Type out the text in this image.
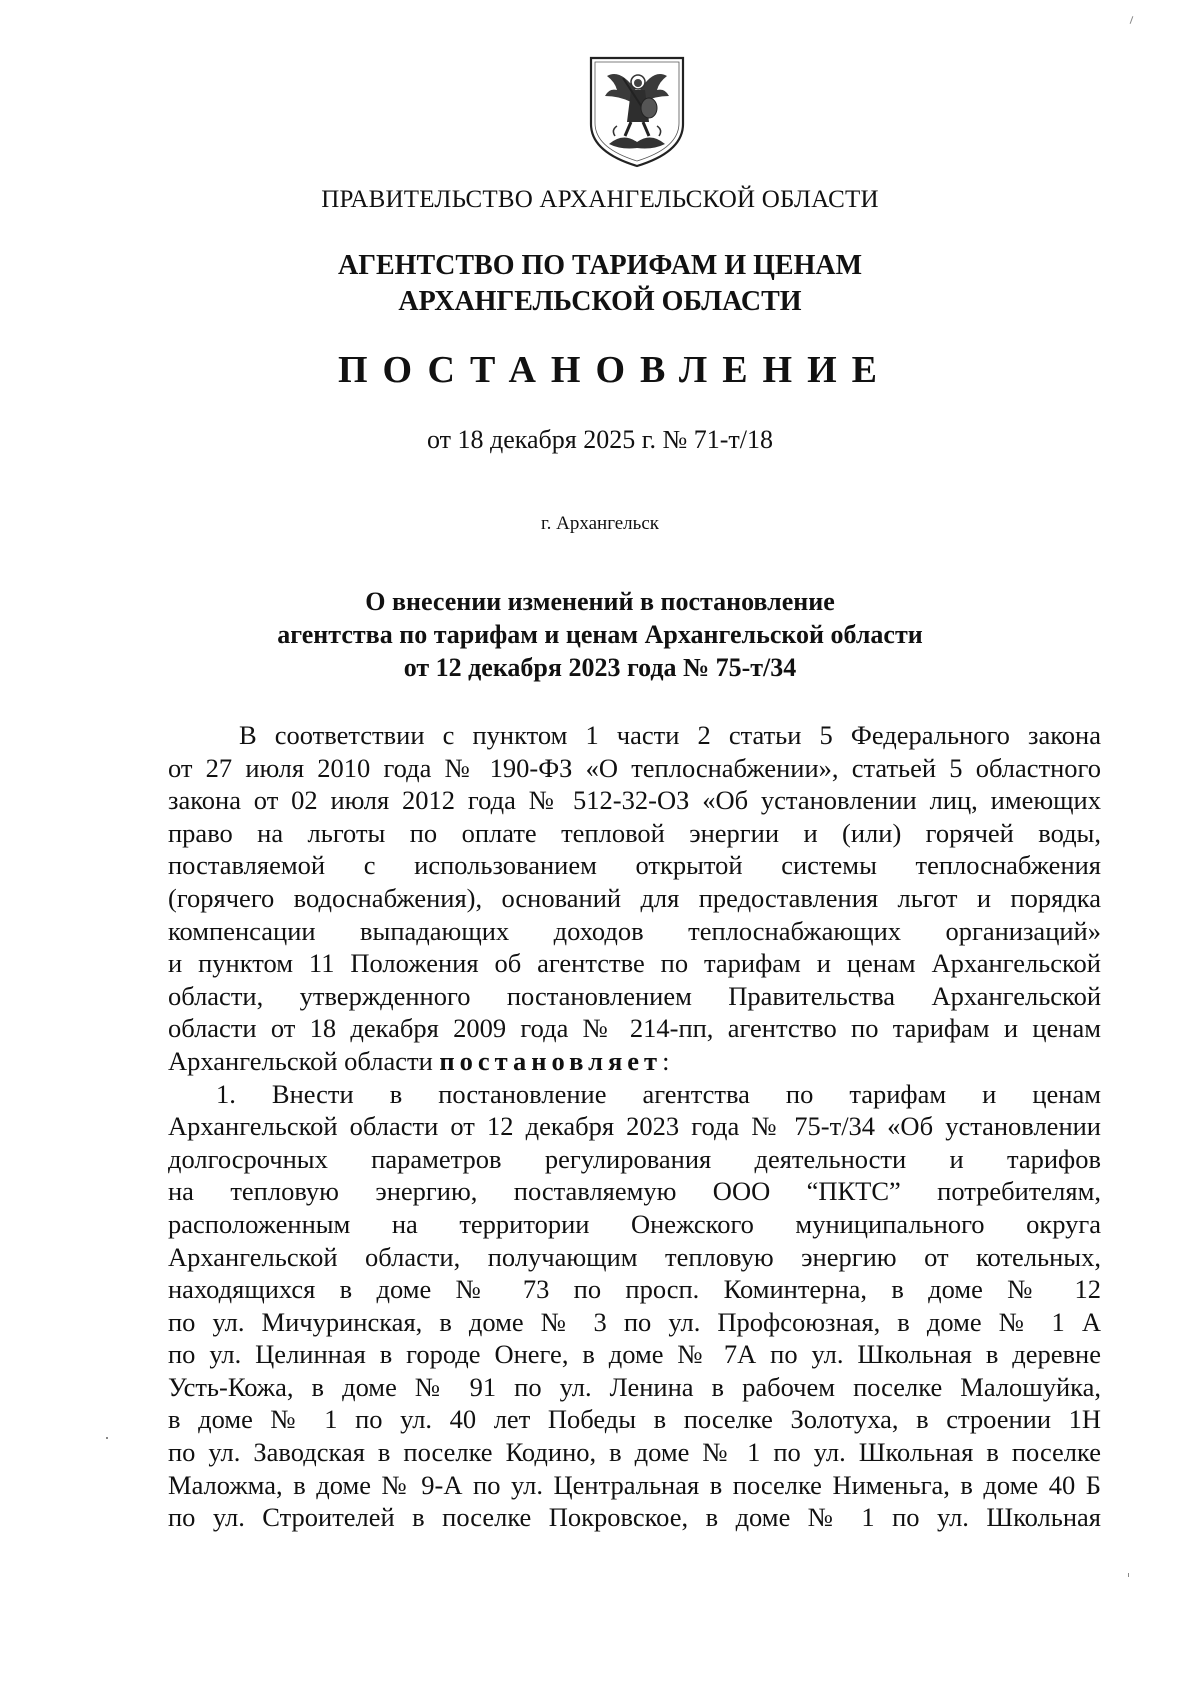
ПРАВИТЕЛЬСТВО АРХАНГЕЛЬСКОЙ ОБЛАСТИ
АГЕНТСТВО ПО ТАРИФАМ И ЦЕНАМ
АРХАНГЕЛЬСКОЙ ОБЛАСТИ
ПОСТАНОВЛЕНИЕ
от 18 декабря 2025 г. № 71-т/18
г. Архангельск
О внесении изменений в постановление
агентства по тарифам и ценам Архангельской области
от 12 декабря 2023 года № 75-т/34
В соответствии с пунктом 1 части 2 статьи 5 Федерального закона
от 27 июля 2010 года № 190-ФЗ «О теплоснабжении», статьей 5 областного
закона от 02 июля 2012 года № 512-32-ОЗ «Об установлении лиц, имеющих
право на льготы по оплате тепловой энергии и (или) горячей воды,
поставляемой с использованием открытой системы теплоснабжения
(горячего водоснабжения), оснований для предоставления льгот и порядка
компенсации выпадающих доходов теплоснабжающих организаций»
и пунктом 11 Положения об агентстве по тарифам и ценам Архангельской
области, утвержденного постановлением Правительства Архангельской
области от 18 декабря 2009 года № 214-пп, агентство по тарифам и ценам
Архангельской области постановляет:
1. Внести в постановление агентства по тарифам и ценам
Архангельской области от 12 декабря 2023 года № 75-т/34 «Об установлении
долгосрочных параметров регулирования деятельности и тарифов
на тепловую энергию, поставляемую ООО “ПКТС” потребителям,
расположенным на территории Онежского муниципального округа
Архангельской области, получающим тепловую энергию от котельных,
находящихся в доме № 73 по просп. Коминтерна, в доме № 12
по ул. Мичуринская, в доме № 3 по ул. Профсоюзная, в доме № 1 А
по ул. Целинная в городе Онеге, в доме № 7А по ул. Школьная в деревне
Усть-Кожа, в доме № 91 по ул. Ленина в рабочем поселке Малошуйка,
в доме № 1 по ул. 40 лет Победы в поселке Золотуха, в строении 1Н
по ул. Заводская в поселке Кодино, в доме № 1 по ул. Школьная в поселке
Маложма, в доме № 9-А по ул. Центральная в поселке Нименьга, в доме 40 Б
по ул. Строителей в поселке Покровское, в доме № 1 по ул. Школьная
